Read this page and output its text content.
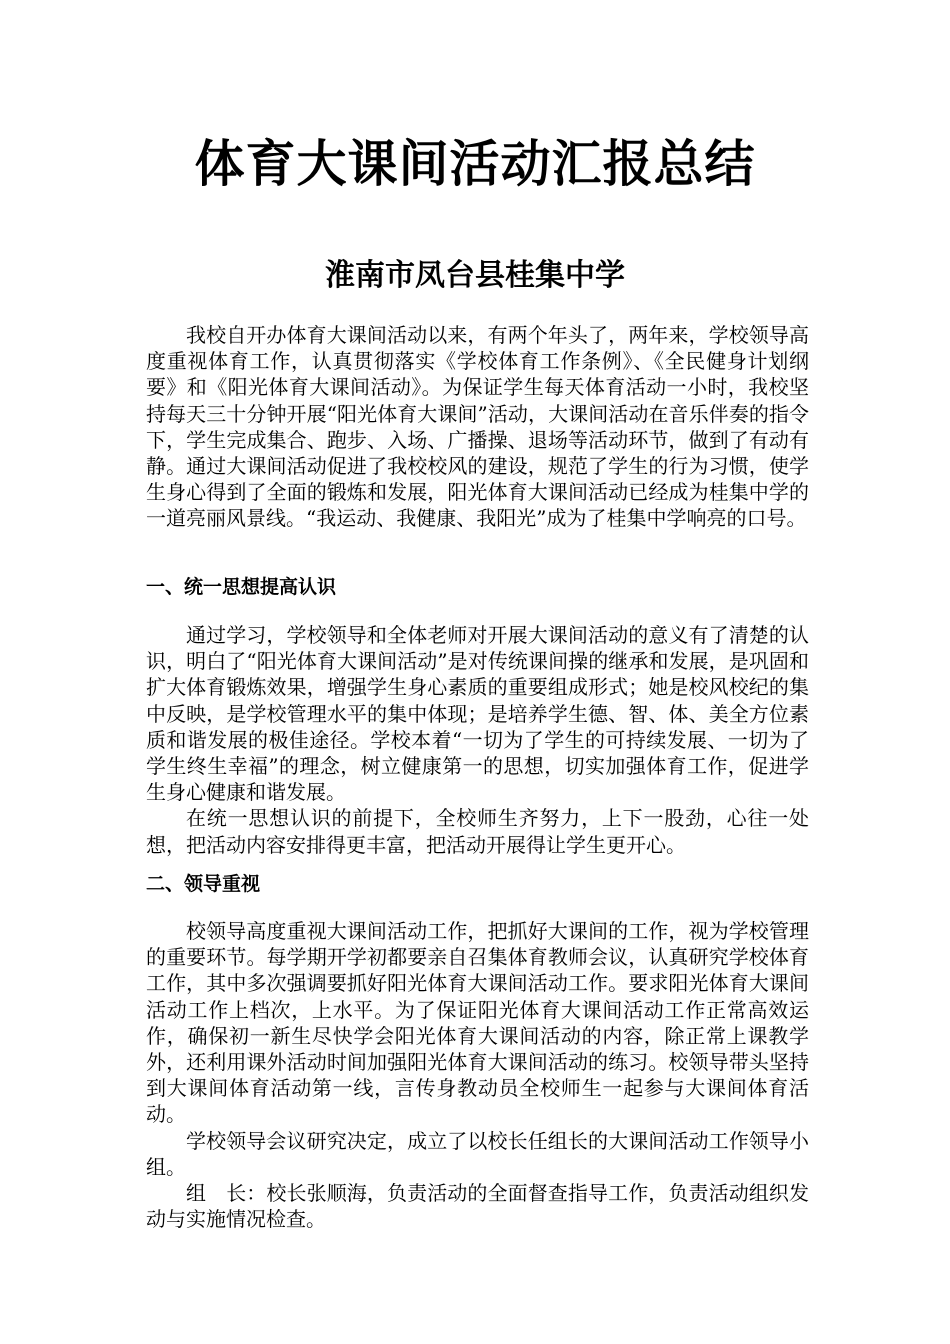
体育大课间活动汇报总结
淮南市凤台县桂集中学

我校自开办体育大课间活动以来，有两个年头了，两年来，学校领导高度重视体育工作，认真贯彻落实《学校体育工作条例》、《全民健身计划纲要》和《阳光体育大课间活动》。为保证学生每天体育活动一小时，我校坚持每天三十分钟开展“阳光体育大课间”活动，大课间活动在音乐伴奏的指令下，学生完成集合、跑步、入场、广播操、退场等活动环节，做到了有动有静。通过大课间活动促进了我校校风的建设，规范了学生的行为习惯，使学生身心得到了全面的锻炼和发展，阳光体育大课间活动已经成为桂集中学的一道亮丽风景线。“我运动、我健康、我阳光”成为了桂集中学响亮的口号。

一、统一思想提高认识

通过学习，学校领导和全体老师对开展大课间活动的意义有了清楚的认识，明白了“阳光体育大课间活动”是对传统课间操的继承和发展，是巩固和扩大体育锻炼效果，增强学生身心素质的重要组成形式；她是校风校纪的集中反映，是学校管理水平的集中体现；是培养学生德、智、体、美全方位素质和谐发展的极佳途径。学校本着“一切为了学生的可持续发展、一切为了学生终生幸福”的理念，树立健康第一的思想，切实加强体育工作，促进学生身心健康和谐发展。

在统一思想认识的前提下，全校师生齐努力，上下一股劲，心往一处想，把活动内容安排得更丰富，把活动开展得让学生更开心。

二、领导重视

校领导高度重视大课间活动工作，把抓好大课间的工作，视为学校管理的重要环节。每学期开学初都要亲自召集体育教师会议，认真研究学校体育工作，其中多次强调要抓好阳光体育大课间活动工作。要求阳光体育大课间活动工作上档次，上水平。为了保证阳光体育大课间活动工作正常高效运作，确保初一新生尽快学会阳光体育大课间活动的内容，除正常上课教学外，还利用课外活动时间加强阳光体育大课间活动的练习。校领导带头坚持到大课间体育活动第一线，言传身教动员全校师生一起参与大课间体育活动。

学校领导会议研究决定，成立了以校长任组长的大课间活动工作领导小组。

组　长：校长张顺海，负责活动的全面督查指导工作，负责活动组织发动与实施情况检查。
